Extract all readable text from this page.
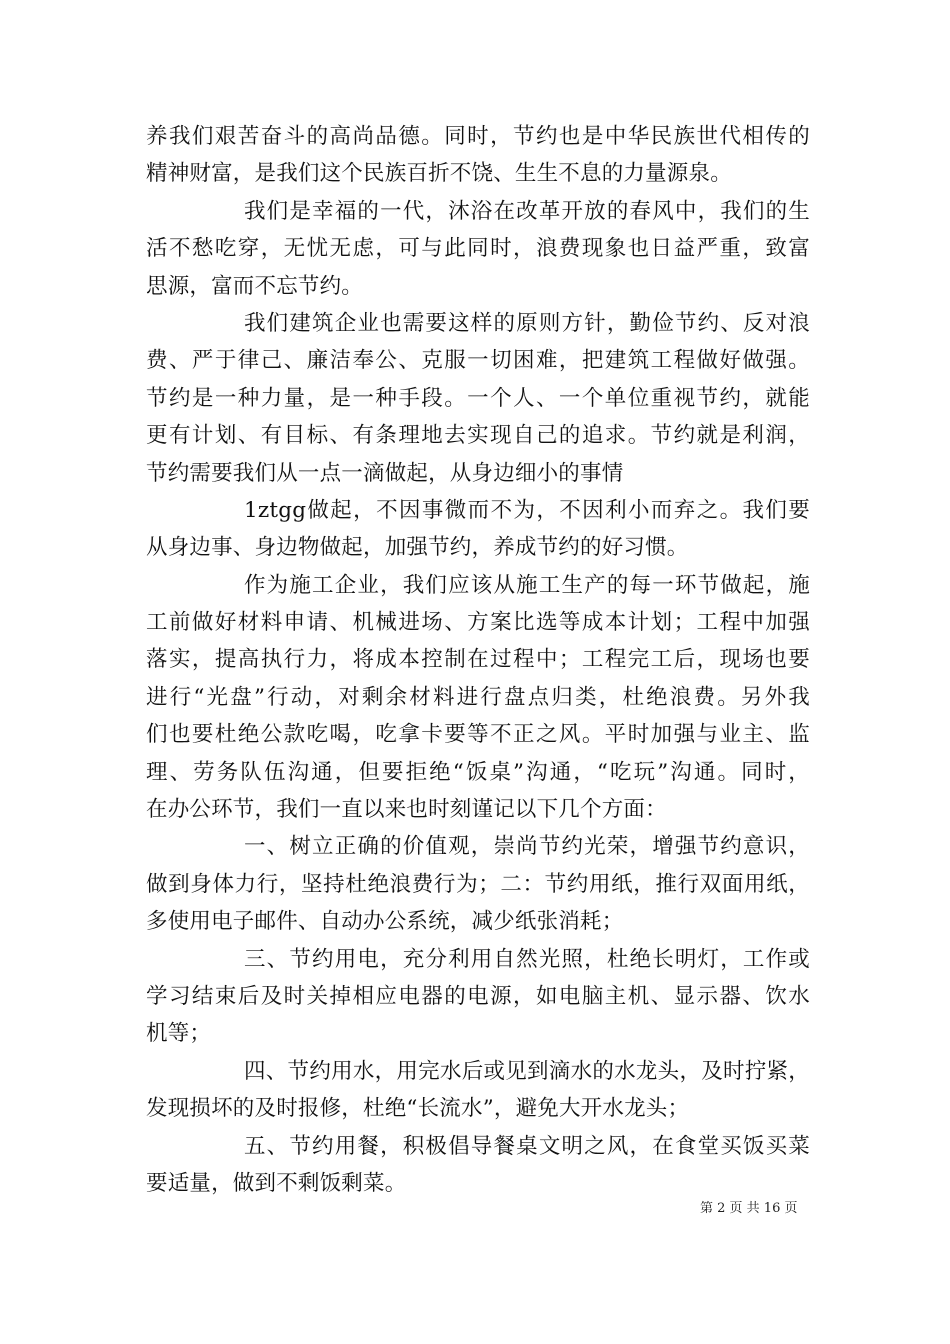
养我们艰苦奋斗的高尚品德。同时，节约也是中华民族世代相传的
精神财富，是我们这个民族百折不饶、生生不息的力量源泉。
我们是幸福的一代，沐浴在改革开放的春风中，我们的生
活不愁吃穿，无忧无虑，可与此同时，浪费现象也日益严重，致富
思源，富而不忘节约。
我们建筑企业也需要这样的原则方针，勤俭节约、反对浪
费、严于律己、廉洁奉公、克服一切困难，把建筑工程做好做强。
节约是一种力量，是一种手段。一个人、一个单位重视节约，就能
更有计划、有目标、有条理地去实现自己的追求。节约就是利润，
节约需要我们从一点一滴做起，从身边细小的事情
1ztgg做起，不因事微而不为，不因利小而弃之。我们要
从身边事、身边物做起，加强节约，养成节约的好习惯。
作为施工企业，我们应该从施工生产的每一环节做起，施
工前做好材料申请、机械进场、方案比选等成本计划；工程中加强
落实，提高执行力，将成本控制在过程中；工程完工后，现场也要
进行“光盘”行动，对剩余材料进行盘点归类，杜绝浪费。另外我
们也要杜绝公款吃喝，吃拿卡要等不正之风。平时加强与业主、监
理、劳务队伍沟通，但要拒绝“饭桌”沟通，“吃玩”沟通。同时，
在办公环节，我们一直以来也时刻谨记以下几个方面：
一、树立正确的价值观，崇尚节约光荣，增强节约意识，
做到身体力行，坚持杜绝浪费行为；二：节约用纸，推行双面用纸，
多使用电子邮件、自动办公系统，减少纸张消耗；
三、节约用电，充分利用自然光照，杜绝长明灯，工作或
学习结束后及时关掉相应电器的电源，如电脑主机、显示器、饮水
机等；
四、节约用水，用完水后或见到滴水的水龙头，及时拧紧，
发现损坏的及时报修，杜绝“长流水”，避免大开水龙头；
五、节约用餐，积极倡导餐桌文明之风，在食堂买饭买菜
要适量，做到不剩饭剩菜。
第 2 页 共 16 页
